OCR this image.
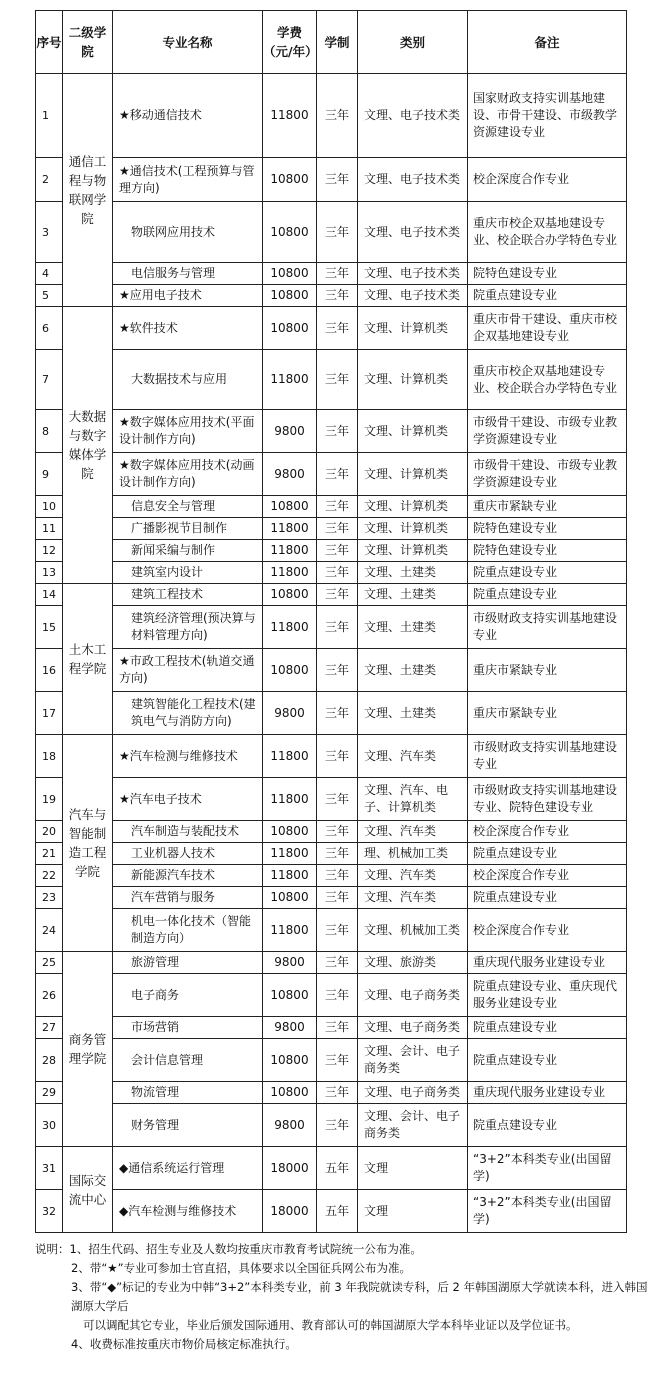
序号	二级学院	专业名称	学费（元/年）	学制	类别	备注
1	通信工程与物联网学院	★移动通信技术	11800	三年	文理、电子技术类	国家财政支持实训基地建设、市骨干建设、市级教学资源建设专业
2		★通信技术(工程预算与管理方向)	10800	三年	文理、电子技术类	校企深度合作专业
3		物联网应用技术	10800	三年	文理、电子技术类	重庆市校企双基地建设专业、校企联合办学特色专业
4		电信服务与管理	10800	三年	文理、电子技术类	院特色建设专业
5		★应用电子技术	10800	三年	文理、电子技术类	院重点建设专业
6	大数据与数字媒体学院	★软件技术	10800	三年	文理、计算机类	重庆市骨干建设、重庆市校企双基地建设专业
7		大数据技术与应用	11800	三年	文理、计算机类	重庆市校企双基地建设专业、校企联合办学特色专业
8		★数字媒体应用技术(平面设计制作方向)	9800	三年	文理、计算机类	市级骨干建设、市级专业教学资源建设专业
9		★数字媒体应用技术(动画设计制作方向)	9800	三年	文理、计算机类	市级骨干建设、市级专业教学资源建设专业
10		信息安全与管理	10800	三年	文理、计算机类	重庆市紧缺专业
11		广播影视节目制作	11800	三年	文理、计算机类	院特色建设专业
12		新闻采编与制作	11800	三年	文理、计算机类	院特色建设专业
13		建筑室内设计	11800	三年	文理、土建类	院重点建设专业
14	土木工程学院	建筑工程技术	10800	三年	文理、土建类	院重点建设专业
15		建筑经济管理(预决算与材料管理方向)	11800	三年	文理、土建类	市级财政支持实训基地建设专业
16		★市政工程技术(轨道交通方向)	10800	三年	文理、土建类	重庆市紧缺专业
17		建筑智能化工程技术(建筑电气与消防方向)	9800	三年	文理、土建类	重庆市紧缺专业
18	汽车与智能制造工程学院	★汽车检测与维修技术	11800	三年	文理、汽车类	市级财政支持实训基地建设专业
19		★汽车电子技术	11800	三年	文理、汽车、电子、计算机类	市级财政支持实训基地建设专业、院特色建设专业
20		汽车制造与装配技术	10800	三年	文理、汽车类	校企深度合作专业
21		工业机器人技术	11800	三年	理、机械加工类	院重点建设专业
22		新能源汽车技术	11800	三年	文理、汽车类	校企深度合作专业
23		汽车营销与服务	10800	三年	文理、汽车类	院重点建设专业
24		机电一体化技术（智能制造方向）	11800	三年	文理、机械加工类	校企深度合作专业
25	商务管理学院	旅游管理	9800	三年	文理、旅游类	重庆现代服务业建设专业
26		电子商务	10800	三年	文理、电子商务类	院重点建设专业、重庆现代服务业建设专业
27		市场营销	9800	三年	文理、电子商务类	院重点建设专业
28		会计信息管理	10800	三年	文理、会计、电子商务类	院重点建设专业
29		物流管理	10800	三年	文理、电子商务类	重庆现代服务业建设专业
30		财务管理	9800	三年	文理、会计、电子商务类	院重点建设专业
31	国际交流中心	◆通信系统运行管理	18000	五年	文理	“3+2”本科类专业(出国留学)
32		◆汽车检测与维修技术	18000	五年	文理	“3+2”本科类专业(出国留学)

说明：1、招生代码、招生专业及人数均按重庆市教育考试院统一公布为准。

2、带“★”专业可参加士官直招，具体要求以全国征兵网公布为准。

3、带“◆”标记的专业为中韩“3+2”本科类专业，前 3 年我院就读专科，后 2 年韩国湖原大学就读本科，进入韩国湖原大学后

可以调配其它专业，毕业后颁发国际通用、教育部认可的韩国湖原大学本科毕业证以及学位证书。

4、收费标准按重庆市物价局核定标准执行。
